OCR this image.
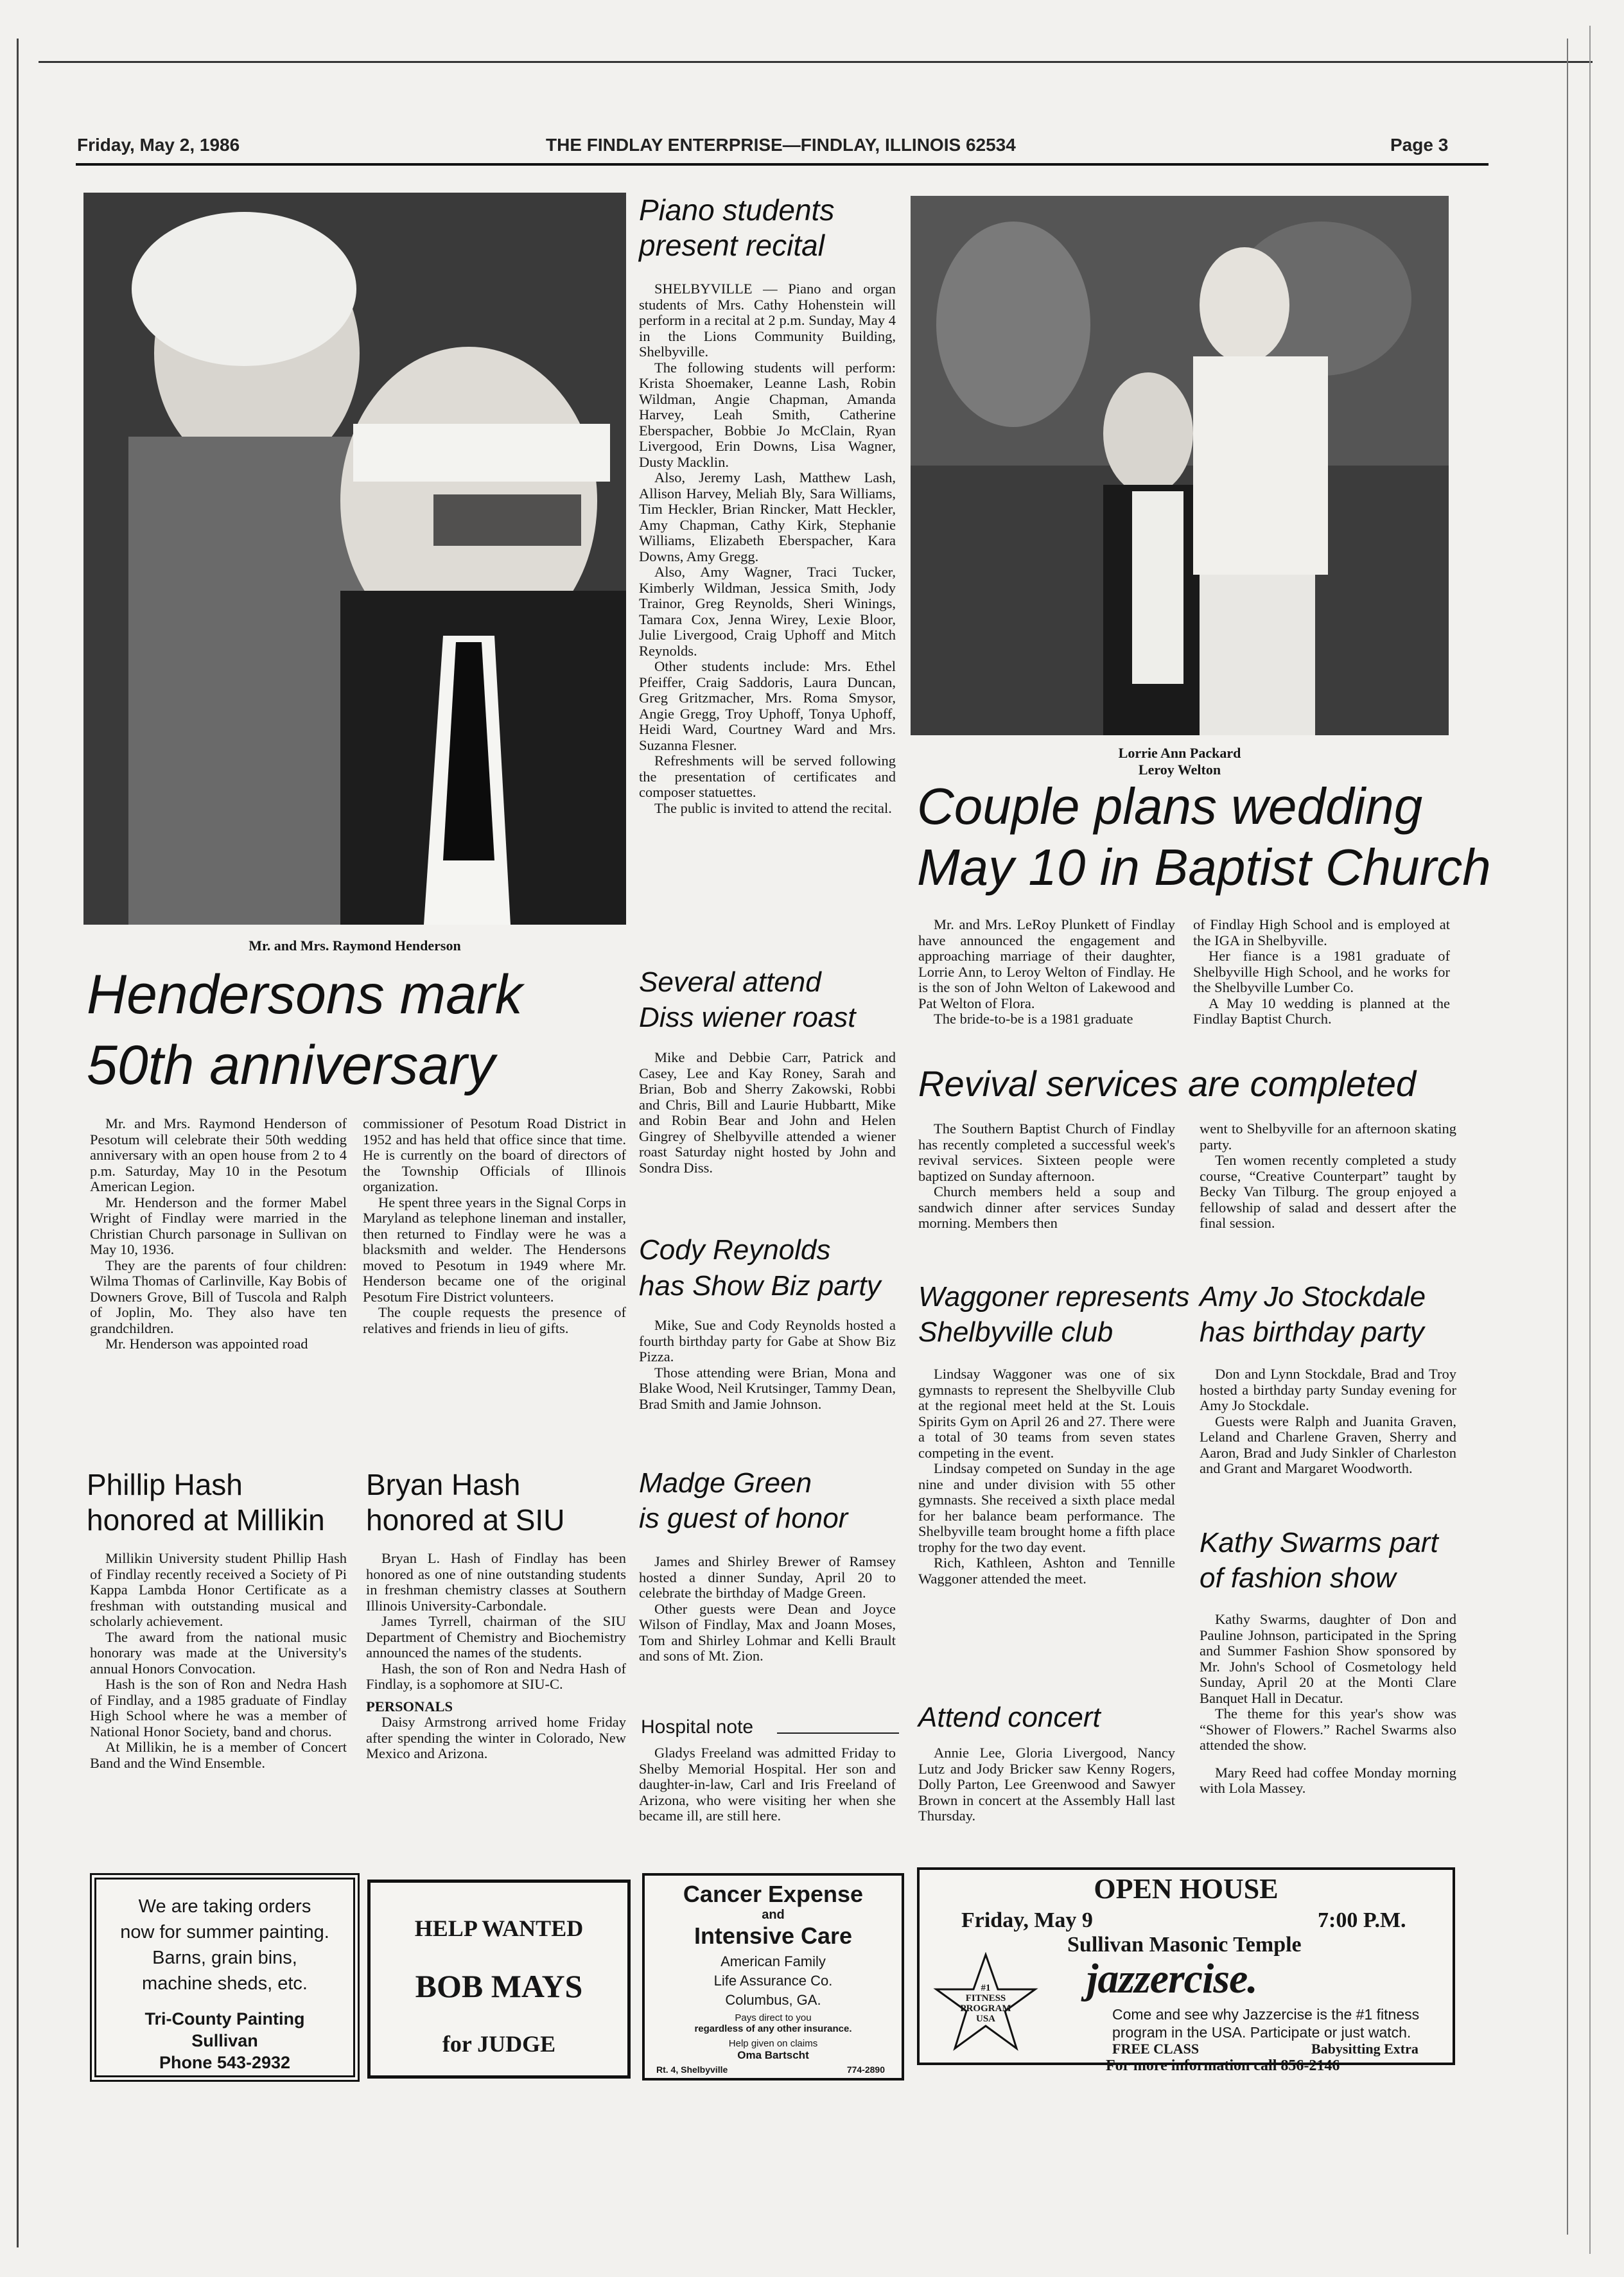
Friday, May 2, 1986	THE FINDLAY ENTERPRISE—FINDLAY, ILLINOIS 62534	Page 3
Mr. and Mrs. Raymond Henderson
Hendersons mark
50th anniversary

Mr. and Mrs. Raymond Henderson of Pesotum will celebrate their 50th wedding anniversary with an open house from 2 to 4 p.m. Saturday, May 10 in the Pesotum American Legion.

Mr. Henderson and the former Mabel Wright of Findlay were married in the Christian Church parsonage in Sullivan on May 10, 1936.

They are the parents of four children: Wilma Thomas of Carlinville, Kay Bobis of Downers Grove, Bill of Tuscola and Ralph of Joplin, Mo. They also have ten grandchildren.

Mr. Henderson was appointed road

commissioner of Pesotum Road District in 1952 and has held that office since that time. He is currently on the board of directors of the Township Officials of Illinois organization.

He spent three years in the Signal Corps in Maryland as telephone lineman and installer, then returned to Findlay were he was a blacksmith and welder. The Hendersons moved to Pesotum in 1949 where Mr. Henderson became one of the original Pesotum Fire District volunteers.

The couple requests the presence of relatives and friends in lieu of gifts.

Phillip Hash
honored at Millikin

Millikin University student Phillip Hash of Findlay recently received a Society of Pi Kappa Lambda Honor Certificate as a freshman with outstanding musical and scholarly achievement.

The award from the national music honorary was made at the University's annual Honors Convocation.

Hash is the son of Ron and Nedra Hash of Findlay, and a 1985 graduate of Findlay High School where he was a member of National Honor Society, band and chorus.

At Millikin, he is a member of Concert Band and the Wind Ensemble.

Bryan Hash
honored at SIU

Bryan L. Hash of Findlay has been honored as one of nine outstanding students in freshman chemistry classes at Southern Illinois University-Carbondale.

James Tyrrell, chairman of the SIU Department of Chemistry and Biochemistry announced the names of the students.

Hash, the son of Ron and Nedra Hash of Findlay, is a sophomore at SIU-C.

PERSONALS

Daisy Armstrong arrived home Friday after spending the winter in Colorado, New Mexico and Arizona.

Piano students
present recital

SHELBYVILLE — Piano and organ students of Mrs. Cathy Hohenstein will perform in a recital at 2 p.m. Sunday, May 4 in the Lions Community Building, Shelbyville.

The following students will perform: Krista Shoemaker, Leanne Lash, Robin Wildman, Angie Chapman, Amanda Harvey, Leah Smith, Catherine Eberspacher, Bobbie Jo McClain, Ryan Livergood, Erin Downs, Lisa Wagner, Dusty Macklin.

Also, Jeremy Lash, Matthew Lash, Allison Harvey, Meliah Bly, Sara Williams, Tim Heckler, Brian Rincker, Matt Heckler, Amy Chapman, Cathy Kirk, Stephanie Williams, Elizabeth Eberspacher, Kara Downs, Amy Gregg.

Also, Amy Wagner, Traci Tucker, Kimberly Wildman, Jessica Smith, Jody Trainor, Greg Reynolds, Sheri Winings, Tamara Cox, Jenna Wirey, Lexie Bloor, Julie Livergood, Craig Uphoff and Mitch Reynolds.

Other students include: Mrs. Ethel Pfeiffer, Craig Saddoris, Laura Duncan, Greg Gritzmacher, Mrs. Roma Smysor, Angie Gregg, Troy Uphoff, Tonya Uphoff, Heidi Ward, Courtney Ward and Mrs. Suzanna Flesner.

Refreshments will be served following the presentation of certificates and composer statuettes.

The public is invited to attend the recital.

Several attend
Diss wiener roast

Mike and Debbie Carr, Patrick and Casey, Lee and Kay Roney, Sarah and Brian, Bob and Sherry Zakowski, Robbi and Chris, Bill and Laurie Hubbartt, Mike and Robin Bear and John and Helen Gingrey of Shelbyville attended a wiener roast Saturday night hosted by John and Sondra Diss.

Cody Reynolds
has Show Biz party

Mike, Sue and Cody Reynolds hosted a fourth birthday party for Gabe at Show Biz Pizza.

Those attending were Brian, Mona and Blake Wood, Neil Krutsinger, Tammy Dean, Brad Smith and Jamie Johnson.

Madge Green
is guest of honor

James and Shirley Brewer of Ramsey hosted a dinner Sunday, April 20 to celebrate the birthday of Madge Green.

Other guests were Dean and Joyce Wilson of Findlay, Max and Joann Moses, Tom and Shirley Lohmar and Kelli Brault and sons of Mt. Zion.

Hospital note

Gladys Freeland was admitted Friday to Shelby Memorial Hospital. Her son and daughter-in-law, Carl and Iris Freeland of Arizona, who were visiting her when she became ill, are still here.

Lorrie Ann Packard
Leroy Welton
Couple plans wedding
May 10 in Baptist Church

Mr. and Mrs. LeRoy Plunkett of Findlay have announced the engagement and approaching marriage of their daughter, Lorrie Ann, to Leroy Welton of Findlay. He is the son of John Welton of Lakewood and Pat Welton of Flora.

The bride-to-be is a 1981 graduate

of Findlay High School and is employed at the IGA in Shelbyville.

Her fiance is a 1981 graduate of Shelbyville High School, and he works for the Shelbyville Lumber Co.

A May 10 wedding is planned at the Findlay Baptist Church.

Revival services are completed

The Southern Baptist Church of Findlay has recently completed a successful week's revival services. Sixteen people were baptized on Sunday afternoon.

Church members held a soup and sandwich dinner after services Sunday morning. Members then

went to Shelbyville for an afternoon skating party.

Ten women recently completed a study course, “Creative Counterpart” taught by Becky Van Tilburg. The group enjoyed a fellowship of salad and dessert after the final session.

Waggoner represents
Shelbyville club

Lindsay Waggoner was one of six gymnasts to represent the Shelbyville Club at the regional meet held at the St. Louis Spirits Gym on April 26 and 27. There were a total of 30 teams from seven states competing in the event.

Lindsay competed on Sunday in the age nine and under division with 55 other gymnasts. She received a sixth place medal for her balance beam performance. The Shelbyville team brought home a fifth place trophy for the two day event.

Rich, Kathleen, Ashton and Tennille Waggoner attended the meet.

Attend concert

Annie Lee, Gloria Livergood, Nancy Lutz and Jody Bricker saw Kenny Rogers, Dolly Parton, Lee Greenwood and Sawyer Brown in concert at the Assembly Hall last Thursday.

Amy Jo Stockdale
has birthday party

Don and Lynn Stockdale, Brad and Troy hosted a birthday party Sunday evening for Amy Jo Stockdale.

Guests were Ralph and Juanita Graven, Leland and Charlene Graven, Sherry and Aaron, Brad and Judy Sinkler of Charleston and Grant and Margaret Woodworth.

Kathy Swarms part
of fashion show

Kathy Swarms, daughter of Don and Pauline Johnson, participated in the Spring and Summer Fashion Show sponsored by Mr. John's School of Cosmetology held Sunday, April 20 at the Monti Clare Banquet Hall in Decatur.

The theme for this year's show was “Shower of Flowers.” Rachel Swarms also attended the show.

Mary Reed had coffee Monday morning with Lola Massey.

We are taking orders
now for summer painting.
Barns, grain bins,
machine sheds, etc.
Tri-County Painting
Sullivan
Phone 543-2932
HELP WANTED
BOB MAYS
for JUDGE
Cancer Expense
and
Intensive Care
American Family
Life Assurance Co.
Columbus, GA.
Pays direct to you
regardless of any other insurance.
Help given on claims
Oma Bartscht
Rt. 4, Shelbyville	774-2890
OPEN HOUSE
Friday, May 9	7:00 P.M.
Sullivan Masonic Temple
jazzercise.
#1
FITNESS
PROGRAM
USA	Come and see why Jazzercise is the #1 fitness
program in the USA. Participate or just watch.
FREE CLASS	Babysitting Extra
For more information call 856-2146
